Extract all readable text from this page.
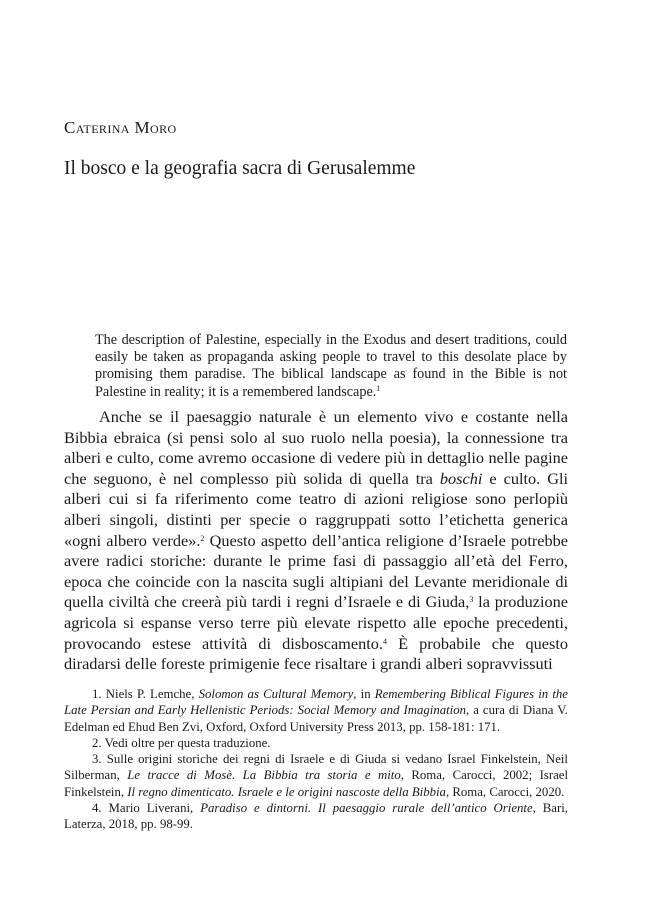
Caterina Moro
Il bosco e la geografia sacra di Gerusalemme

The description of Palestine, especially in the Exodus and desert traditions, could easily be taken as propaganda asking people to travel to this desolate place by promising them paradise. The biblical landscape as found in the Bible is not Palestine in reality; it is a remembered landscape.$^1$

Anche se il paesaggio naturale è un elemento vivo e costante nella Bibbia ebraica (si pensi solo al suo ruolo nella poesia), la connessione tra alberi e culto, come avremo occasione di vedere più in dettaglio nelle pagine che seguono, è nel complesso più solida di quella tra boschi e culto. Gli alberi cui si fa riferimento come teatro di azioni religiose sono perlopiù alberi singoli, distinti per specie o raggruppati sotto l’etichetta generica «ogni albero verde».$^2$ Questo aspetto dell’antica religione d’Israele potrebbe avere radici storiche: durante le prime fasi di passaggio all’età del Ferro, epoca che coincide con la nascita sugli altipiani del Levante meridionale di quella civiltà che creerà più tardi i regni d’Israele e di Giuda,$^3$ la produzione agricola si espanse verso terre più elevate rispetto alle epoche precedenti, provocando estese attività di disboscamento.$^4$ È probabile che questo diradarsi delle foreste primigenie fece risaltare i grandi alberi sopravvissuti

1. Niels P. Lemche, Solomon as Cultural Memory, in Remembering Biblical Figures in the Late Persian and Early Hellenistic Periods: Social Memory and Imagination, a cura di Diana V. Edelman ed Ehud Ben Zvi, Oxford, Oxford University Press 2013, pp. 158-181: 171.

2. Vedi oltre per questa traduzione.

3. Sulle origini storiche dei regni di Israele e di Giuda si vedano Israel Finkelstein, Neil Silberman, Le tracce di Mosè. La Bibbia tra storia e mito, Roma, Carocci, 2002; Israel Finkelstein, Il regno dimenticato. Israele e le origini nascoste della Bibbia, Roma, Carocci, 2020.

4. Mario Liverani, Paradiso e dintorni. Il paesaggio rurale dell’antico Oriente, Bari, Laterza, 2018, pp. 98-99.
